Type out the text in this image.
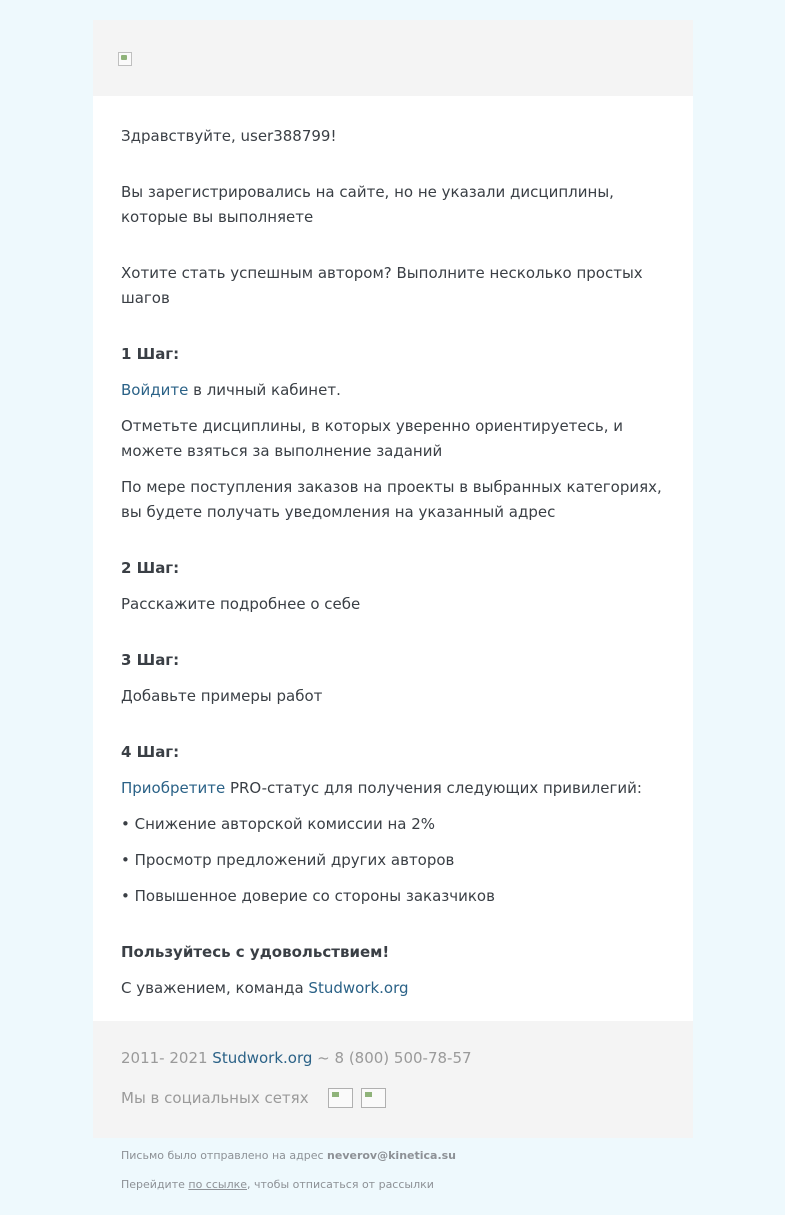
Здравствуйте, user388799!

Вы зарегистрировались на сайте, но не указали дисциплины, которые вы выполняете

Хотите стать успешным автором? Выполните несколько простых шагов

1 Шаг:

Войдите в личный кабинет.

Отметьте дисциплины, в которых уверенно ориентируетесь, и можете взяться за выполнение заданий

По мере поступления заказов на проекты в выбранных категориях, вы будете получать уведомления на указанный адрес

2 Шаг:

Расскажите подробнее о себе

3 Шаг:

Добавьте примеры работ

4 Шаг:

Приобретите PRO-статус для получения следующих привилегий:

• Снижение авторской комиссии на 2%

• Просмотр предложений других авторов

• Повышенное доверие со стороны заказчиков

Пользуйтесь с удовольствием!

С уважением, команда Studwork.org

2011- 2021 Studwork.org ~ 8 (800) 500-78-57
Мы в социальных сетях
Письмо было отправлено на адрес neverov@kinetica.su
Перейдите по ссылке, чтобы отписаться от рассылки
